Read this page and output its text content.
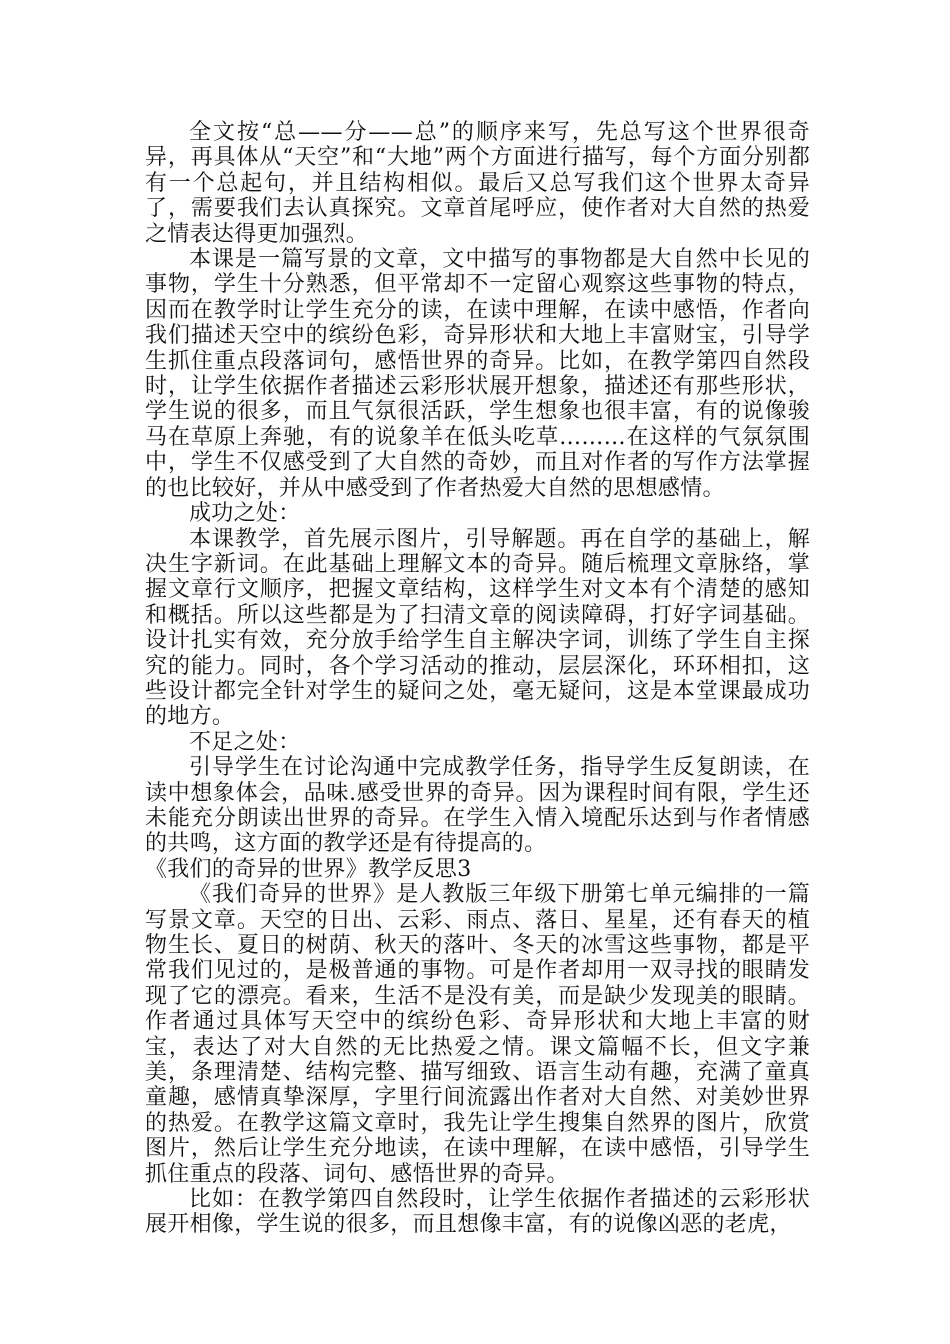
全文按“总——分——总”的顺序来写，先总写这个世界很奇异，再具体从“天空”和“大地”两个方面进行描写，每个方面分别都有一个总起句，并且结构相似。最后又总写我们这个世界太奇异了，需要我们去认真探究。文章首尾呼应，使作者对大自然的热爱之情表达得更加强烈。

本课是一篇写景的文章，文中描写的事物都是大自然中长见的事物，学生十分熟悉，但平常却不一定留心观察这些事物的特点，因而在教学时让学生充分的读，在读中理解，在读中感悟，作者向我们描述天空中的缤纷色彩，奇异形状和大地上丰富财宝，引导学生抓住重点段落词句，感悟世界的奇异。比如，在教学第四自然段时，让学生依据作者描述云彩形状展开想象，描述还有那些形状，学生说的很多，而且气氛很活跃，学生想象也很丰富，有的说像骏马在草原上奔驰，有的说象羊在低头吃草………在这样的气氛氛围中，学生不仅感受到了大自然的奇妙，而且对作者的写作方法掌握的也比较好，并从中感受到了作者热爱大自然的思想感情。

成功之处：

本课教学，首先展示图片，引导解题。再在自学的基础上，解决生字新词。在此基础上理解文本的奇异。随后梳理文章脉络，掌握文章行文顺序，把握文章结构，这样学生对文本有个清楚的感知和概括。所以这些都是为了扫清文章的阅读障碍，打好字词基础。设计扎实有效，充分放手给学生自主解决字词，训练了学生自主探究的能力。同时，各个学习活动的推动，层层深化，环环相扣，这些设计都完全针对学生的疑问之处，毫无疑问，这是本堂课最成功的地方。

不足之处：

引导学生在讨论沟通中完成教学任务，指导学生反复朗读，在读中想象体会，品味.感受世界的奇异。因为课程时间有限，学生还未能充分朗读出世界的奇异。在学生入情入境配乐达到与作者情感的共鸣，这方面的教学还是有待提高的。

《我们的奇异的世界》教学反思3

《我们奇异的世界》是人教版三年级下册第七单元编排的一篇写景文章。天空的日出、云彩、雨点、落日、星星，还有春天的植物生长、夏日的树荫、秋天的落叶、冬天的冰雪这些事物，都是平常我们见过的，是极普通的事物。可是作者却用一双寻找的眼睛发现了它的漂亮。看来，生活不是没有美，而是缺少发现美的眼睛。作者通过具体写天空中的缤纷色彩、奇异形状和大地上丰富的财宝，表达了对大自然的无比热爱之情。课文篇幅不长，但文字兼美，条理清楚、结构完整、描写细致、语言生动有趣，充满了童真童趣，感情真挚深厚，字里行间流露出作者对大自然、对美妙世界的热爱。在教学这篇文章时，我先让学生搜集自然界的图片，欣赏图片，然后让学生充分地读，在读中理解，在读中感悟，引导学生抓住重点的段落、词句、感悟世界的奇异。

比如：在教学第四自然段时，让学生依据作者描述的云彩形状展开相像，学生说的很多，而且想像丰富，有的说像凶恶的老虎，
